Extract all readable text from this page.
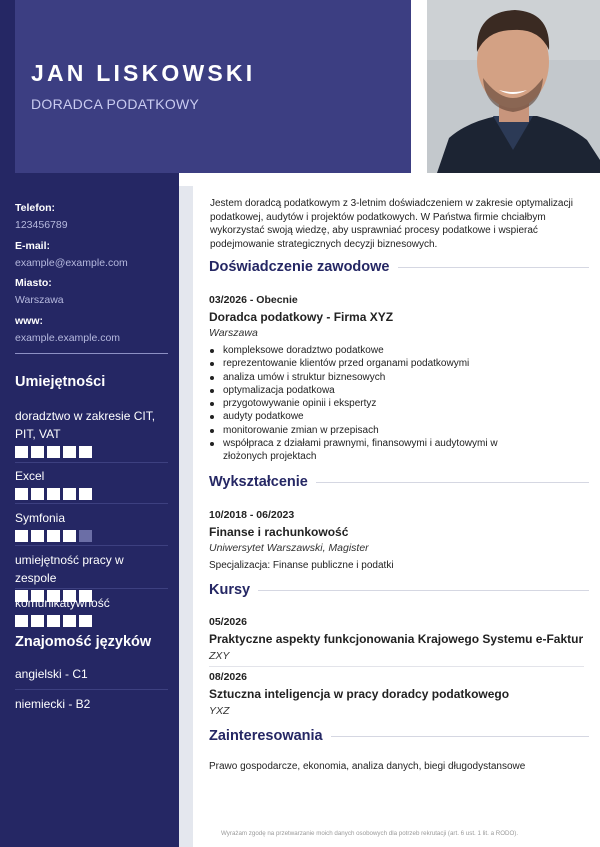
JAN LISKOWSKI
DORADCA PODATKOWY
Telefon:
123456789
E-mail:
example@example.com
Miasto:
Warszawa
www:
example.example.com
Umiejętności
doradztwo w zakresie CIT, PIT, VAT
Excel
Symfonia
umiejętność pracy w zespole
komunikatywność
Znajomość języków
angielski - C1
niemiecki - B2
Jestem doradcą podatkowym z 3-letnim doświadczeniem w zakresie optymalizacji podatkowej, audytów i projektów podatkowych. W Państwa firmie chciałbym wykorzystać swoją wiedzę, aby usprawniać procesy podatkowe i wspierać podejmowanie strategicznych decyzji biznesowych.
Doświadczenie zawodowe
03/2026 - Obecnie
Doradca podatkowy - Firma XYZ
Warszawa
kompleksowe doradztwo podatkowe
reprezentowanie klientów przed organami podatkowymi
analiza umów i struktur biznesowych
optymalizacja podatkowa
przygotowywanie opinii i ekspertyz
audyty podatkowe
monitorowanie zmian w przepisach
współpraca z działami prawnymi, finansowymi i audytowymi w złożonych projektach
Wykształcenie
10/2018 - 06/2023
Finanse i rachunkowość
Uniwersytet Warszawski, Magister
Specjalizacja: Finanse publiczne i podatki
Kursy
05/2026
Praktyczne aspekty funkcjonowania Krajowego Systemu e-Faktur
ZXY
08/2026
Sztuczna inteligencja w pracy doradcy podatkowego
YXZ
Zainteresowania
Prawo gospodarcze, ekonomia, analiza danych, biegi długodystansowe
Wyrażam zgodę na przetwarzanie moich danych osobowych dla potrzeb rekrutacji (art. 6 ust. 1 lit. a RODO).
